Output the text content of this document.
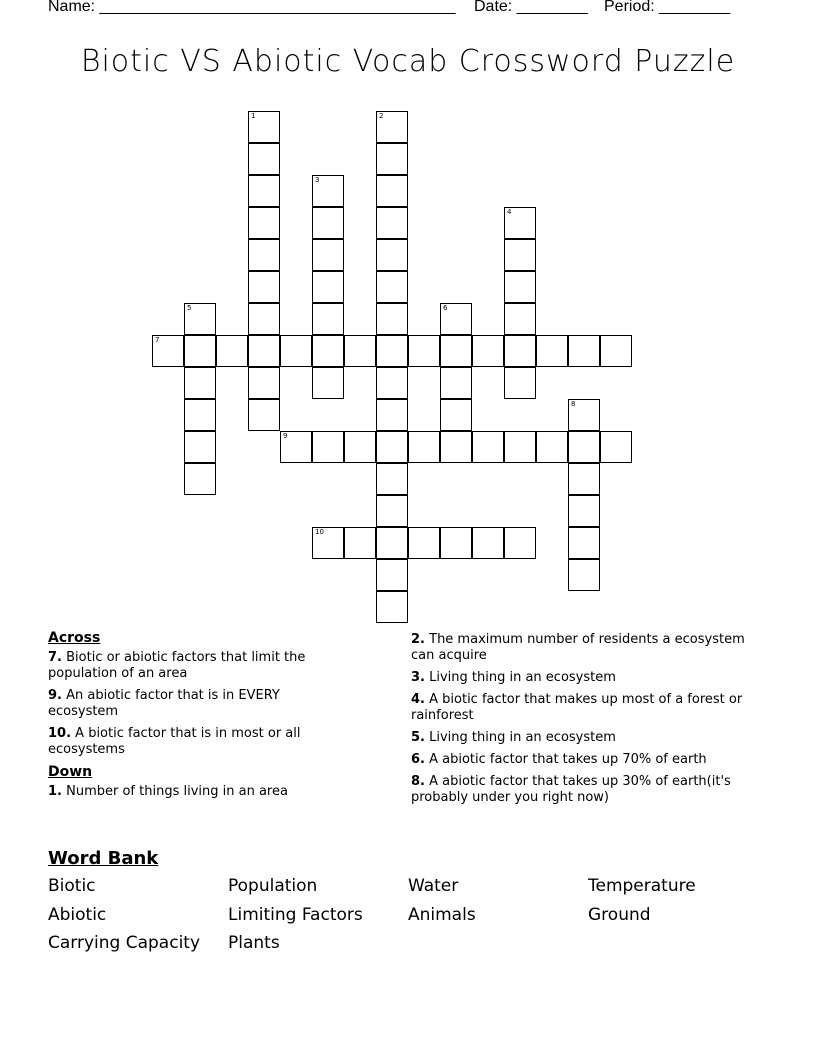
Name: ________________________________________ Date: ________ Period: ________
Biotic VS Abiotic Vocab Crossword Puzzle
1	2
3
4
5	6
7
8
9
10
Across
7. Biotic or abiotic factors that limit the population of an area
9. An abiotic factor that is in EVERY ecosystem
10. A biotic factor that is in most or all ecosystems
Down
1. Number of things living in an area
2. The maximum number of residents a ecosystem can acquire
3. Living thing in an ecosystem
4. A biotic factor that makes up most of a forest or rainforest
5. Living thing in an ecosystem
6. A abiotic factor that takes up 70% of earth
8. A abiotic factor that takes up 30% of earth(it's probably under you right now)
Word Bank
Biotic	Population	Water	Temperature
Abiotic	Limiting Factors	Animals	Ground
Carrying Capacity Plants
